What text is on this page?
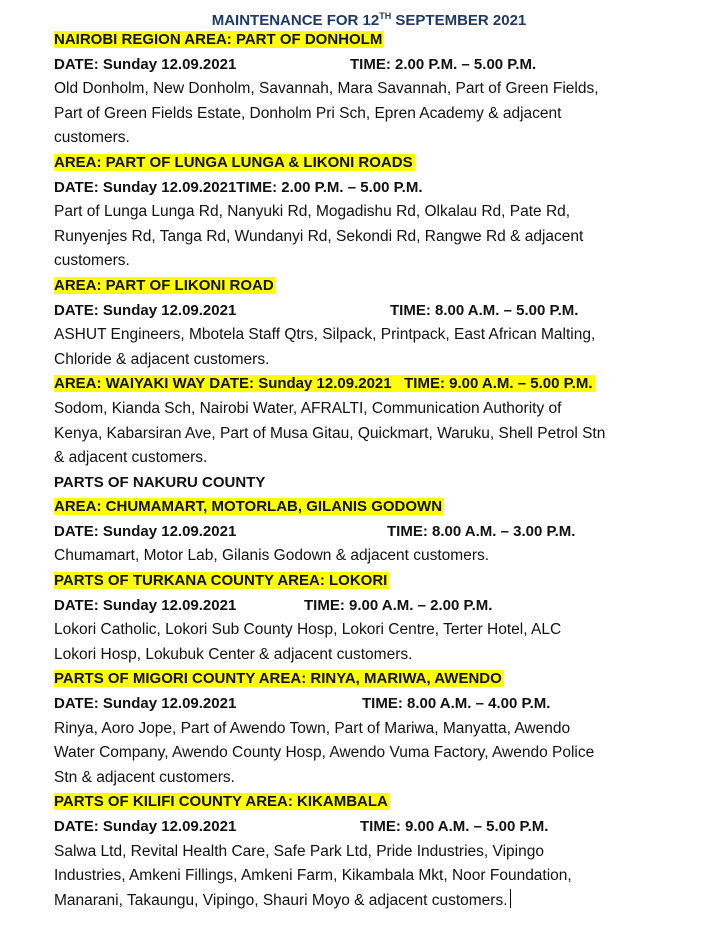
MAINTENANCE FOR 12TH SEPTEMBER 2021
NAIROBI REGION AREA: PART OF DONHOLM
DATE: Sunday 12.09.2021	TIME: 2.00 P.M. – 5.00 P.M.
Old Donholm, New Donholm, Savannah, Mara Savannah, Part of Green Fields,
Part of Green Fields Estate, Donholm Pri Sch, Epren Academy & adjacent
customers.
AREA: PART OF LUNGA LUNGA & LIKONI ROADS
DATE: Sunday 12.09.2021TIME: 2.00 P.M. – 5.00 P.M.
Part of Lunga Lunga Rd, Nanyuki Rd, Mogadishu Rd, Olkalau Rd, Pate Rd,
Runyenjes Rd, Tanga Rd, Wundanyi Rd, Sekondi Rd, Rangwe Rd & adjacent
customers.
AREA: PART OF LIKONI ROAD
DATE: Sunday 12.09.2021	TIME: 8.00 A.M. – 5.00 P.M.
ASHUT Engineers, Mbotela Staff Qtrs, Silpack, Printpack, East African Malting,
Chloride & adjacent customers.
AREA: WAIYAKI WAY DATE: Sunday 12.09.2021   TIME: 9.00 A.M. – 5.00 P.M.
Sodom, Kianda Sch, Nairobi Water, AFRALTI, Communication Authority of
Kenya, Kabarsiran Ave, Part of Musa Gitau, Quickmart, Waruku, Shell Petrol Stn
& adjacent customers.
PARTS OF NAKURU COUNTY
AREA: CHUMAMART, MOTORLAB, GILANIS GODOWN
DATE: Sunday 12.09.2021	TIME: 8.00 A.M. – 3.00 P.M.
Chumamart, Motor Lab, Gilanis Godown & adjacent customers.
PARTS OF TURKANA COUNTY AREA: LOKORI
DATE: Sunday 12.09.2021	TIME: 9.00 A.M. – 2.00 P.M.
Lokori Catholic, Lokori Sub County Hosp, Lokori Centre, Terter Hotel, ALC
Lokori Hosp, Lokubuk Center & adjacent customers.
PARTS OF MIGORI COUNTY AREA: RINYA, MARIWA, AWENDO
DATE: Sunday 12.09.2021	TIME: 8.00 A.M. – 4.00 P.M.
Rinya, Aoro Jope, Part of Awendo Town, Part of Mariwa, Manyatta, Awendo
Water Company, Awendo County Hosp, Awendo Vuma Factory, Awendo Police
Stn & adjacent customers.
PARTS OF KILIFI COUNTY AREA: KIKAMBALA
DATE: Sunday 12.09.2021	TIME: 9.00 A.M. – 5.00 P.M.
Salwa Ltd, Revital Health Care, Safe Park Ltd, Pride Industries, Vipingo
Industries, Amkeni Fillings, Amkeni Farm, Kikambala Mkt, Noor Foundation,
Manarani, Takaungu, Vipingo, Shauri Moyo & adjacent customers.
